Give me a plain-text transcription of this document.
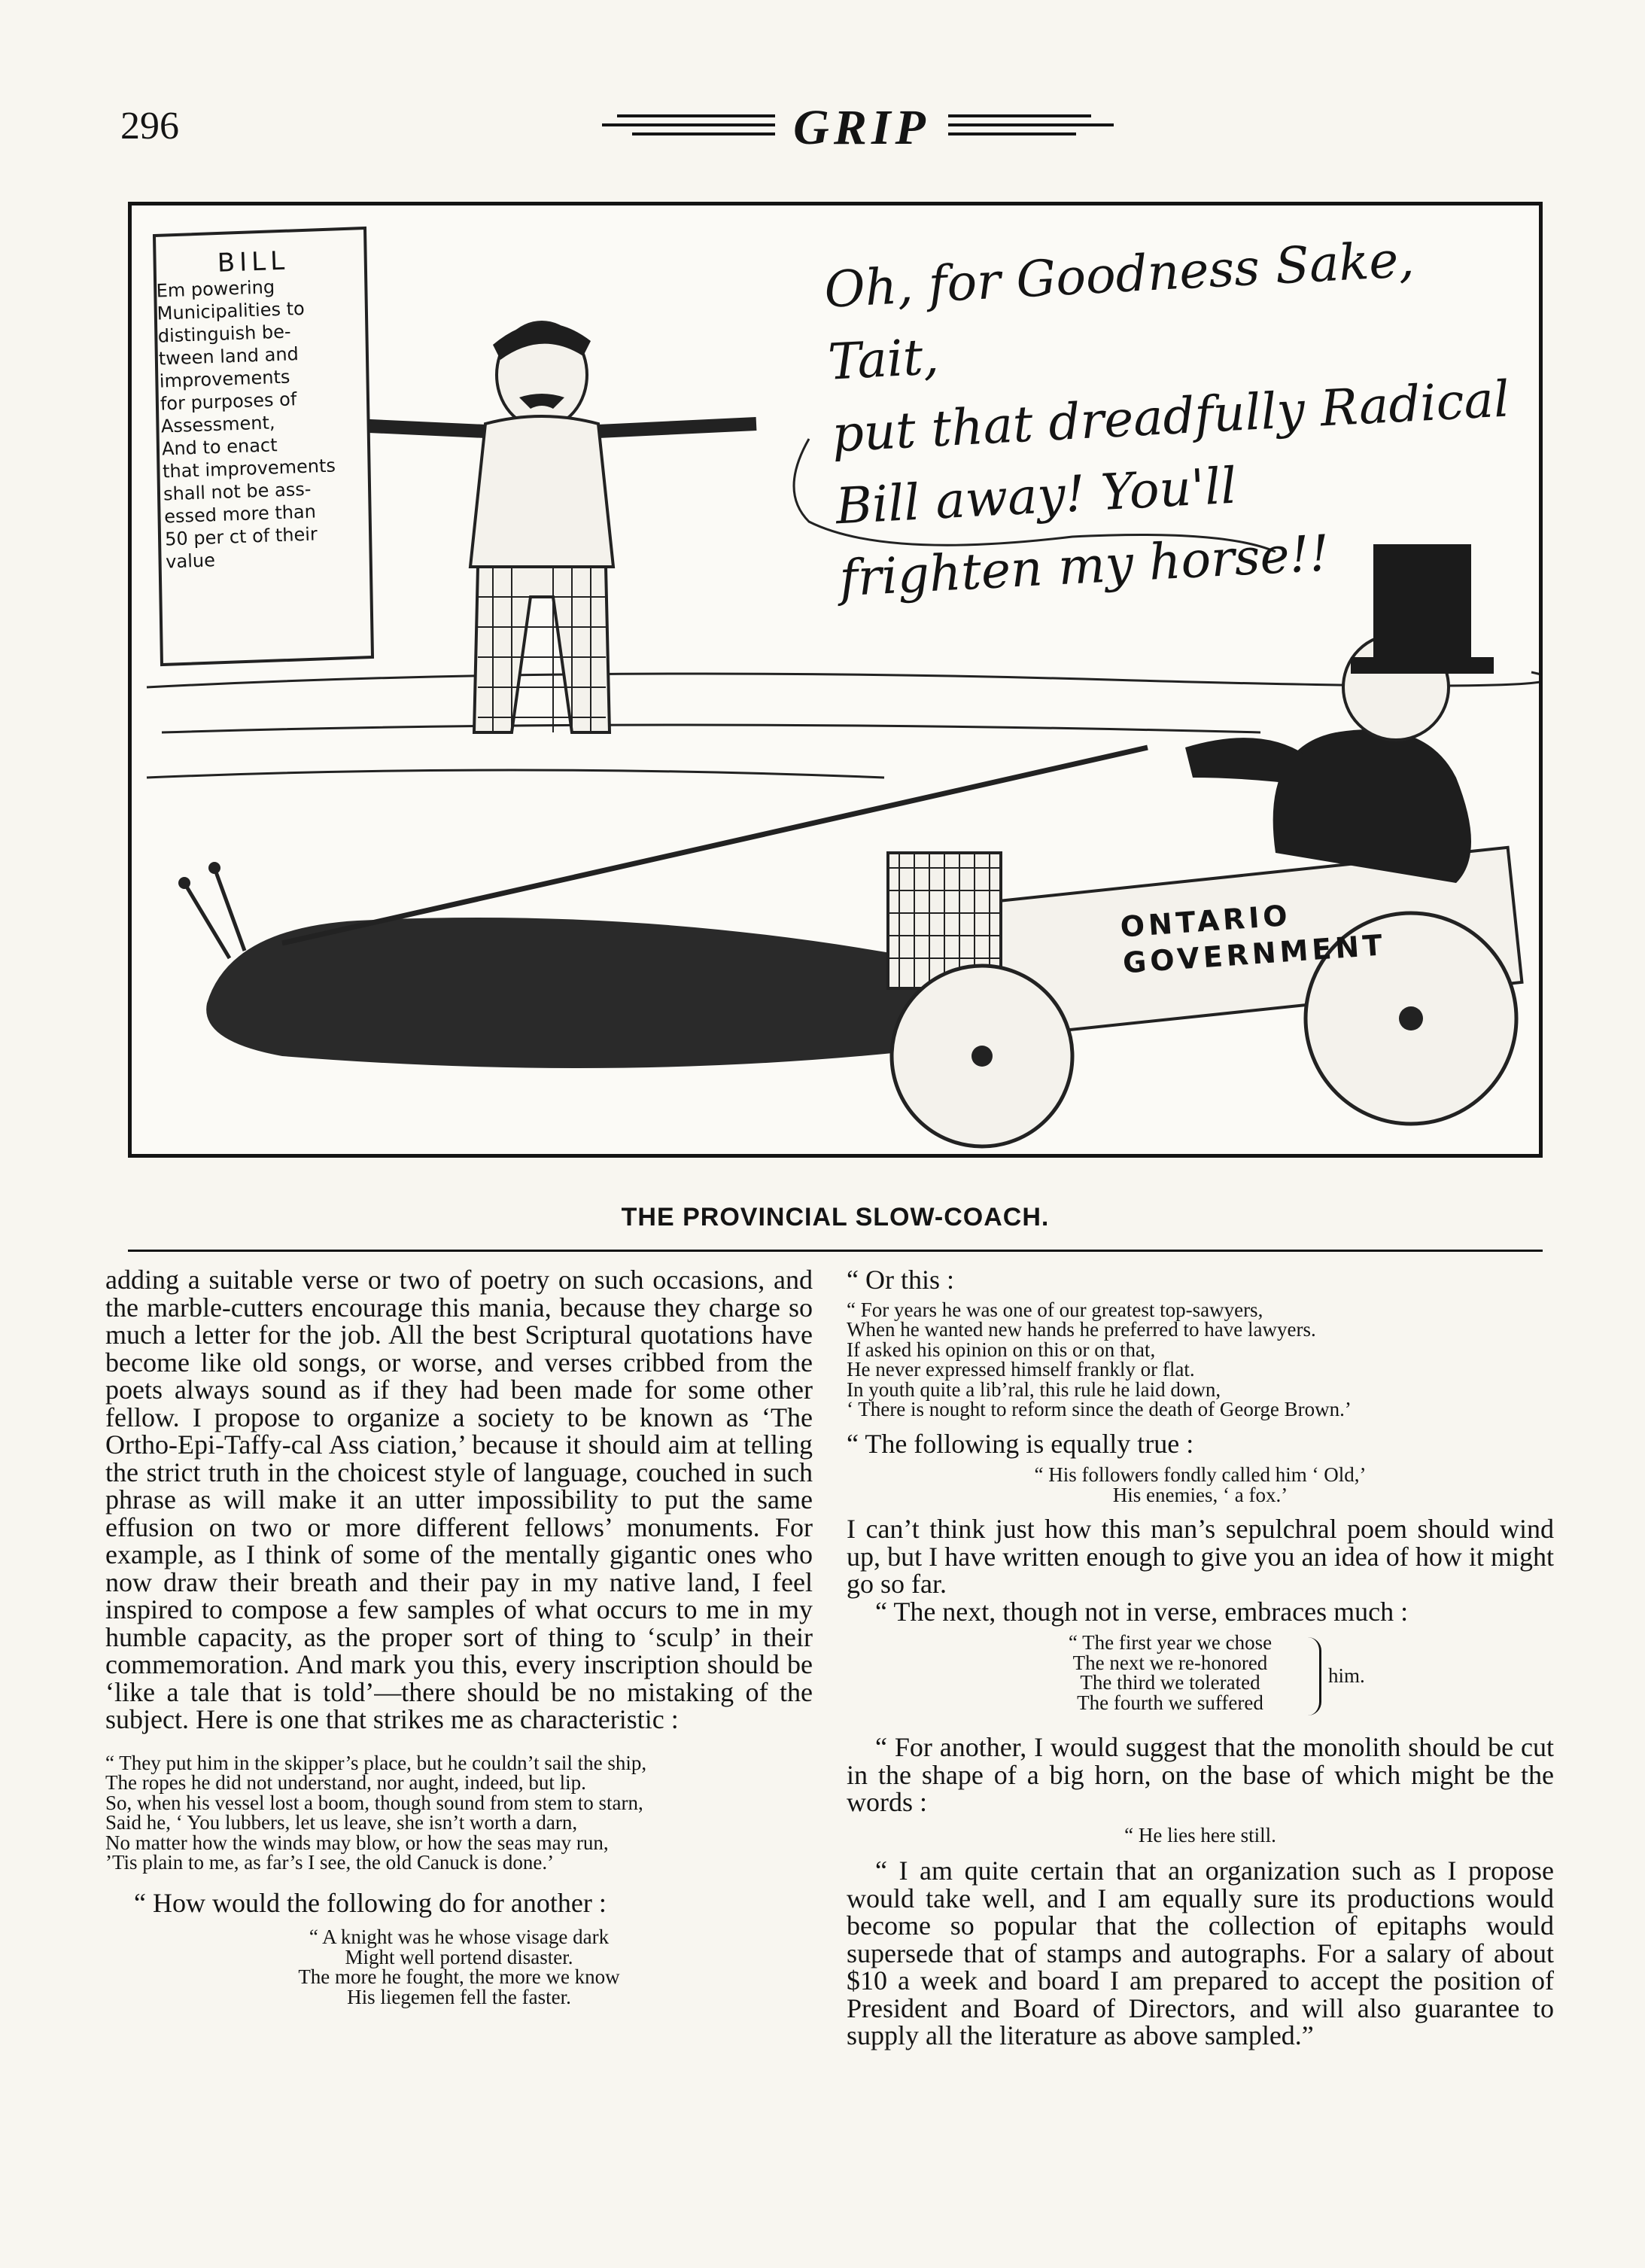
296	GRIP
BILL
Em powering
Municipalities to
distinguish be-
tween land and
improvements
for purposes of
Assessment,
And to enact
that improvements
shall not be ass-
essed more than
50 per ct of their
value
Oh, for Goodness Sake, Tait,
put that dreadfully Radical
Bill away! You'll
frighten my horse!!
ONTARIO
GOVERNMENT
THE PROVINCIAL SLOW-COACH.

adding a suitable verse or two of poetry on such occasions, and the marble-cutters encourage this mania, because they charge so much a letter for the job. All the best Scriptural quotations have become like old songs, or worse, and verses cribbed from the poets always sound as if they had been made for some other fellow. I propose to organize a society to be known as ‘The Ortho-Epi-Taffy-cal Ass ciation,’ because it should aim at telling the strict truth in the choicest style of language, couched in such phrase as will make it an utter impossibility to put the same effusion on two or more different fellows’ monuments. For example, as I think of some of the mentally gigantic ones who now draw their breath and their pay in my native land, I feel inspired to compose a few samples of what occurs to me in my humble capacity, as the proper sort of thing to ‘sculp’ in their commemoration. And mark you this, every inscription should be ‘like a tale that is told’—there should be no mistaking of the subject. Here is one that strikes me as characteristic :

“ They put him in the skipper’s place, but he couldn’t sail the ship,
The ropes he did not understand, nor aught, indeed, but lip.
So, when his vessel lost a boom, though sound from stem to starn,
Said he, ‘ You lubbers, let us leave, she isn’t worth a darn,
No matter how the winds may blow, or how the seas may run,
’Tis plain to me, as far’s I see, the old Canuck is done.’

“ How would the following do for another :

“ A knight was he whose visage dark
Might well portend disaster.
The more he fought, the more we know
His liegemen fell the faster.

“ Or this :

“ For years he was one of our greatest top-sawyers,
When he wanted new hands he preferred to have lawyers.
If asked his opinion on this or on that,
He never expressed himself frankly or flat.
In youth quite a lib’ral, this rule he laid down,
‘ There is nought to reform since the death of George Brown.’

“ The following is equally true :

“ His followers fondly called him ‘ Old,’
His enemies, ‘ a fox.’

I can’t think just how this man’s sepulchral poem should wind up, but I have written enough to give you an idea of how it might go so far.

“ The next, though not in verse, embraces much :

“ The first year we chose
The next we re-honored
The third we tolerated
The fourth we suffered

him.

“ For another, I would suggest that the monolith should be cut in the shape of a big horn, on the base of which might be the words :

“ He lies here still.

“ I am quite certain that an organization such as I propose would take well, and I am equally sure its productions would become so popular that the collection of epitaphs would supersede that of stamps and autographs. For a salary of about $10 a week and board I am prepared to accept the position of President and Board of Directors, and will also guarantee to supply all the literature as above sampled.”
